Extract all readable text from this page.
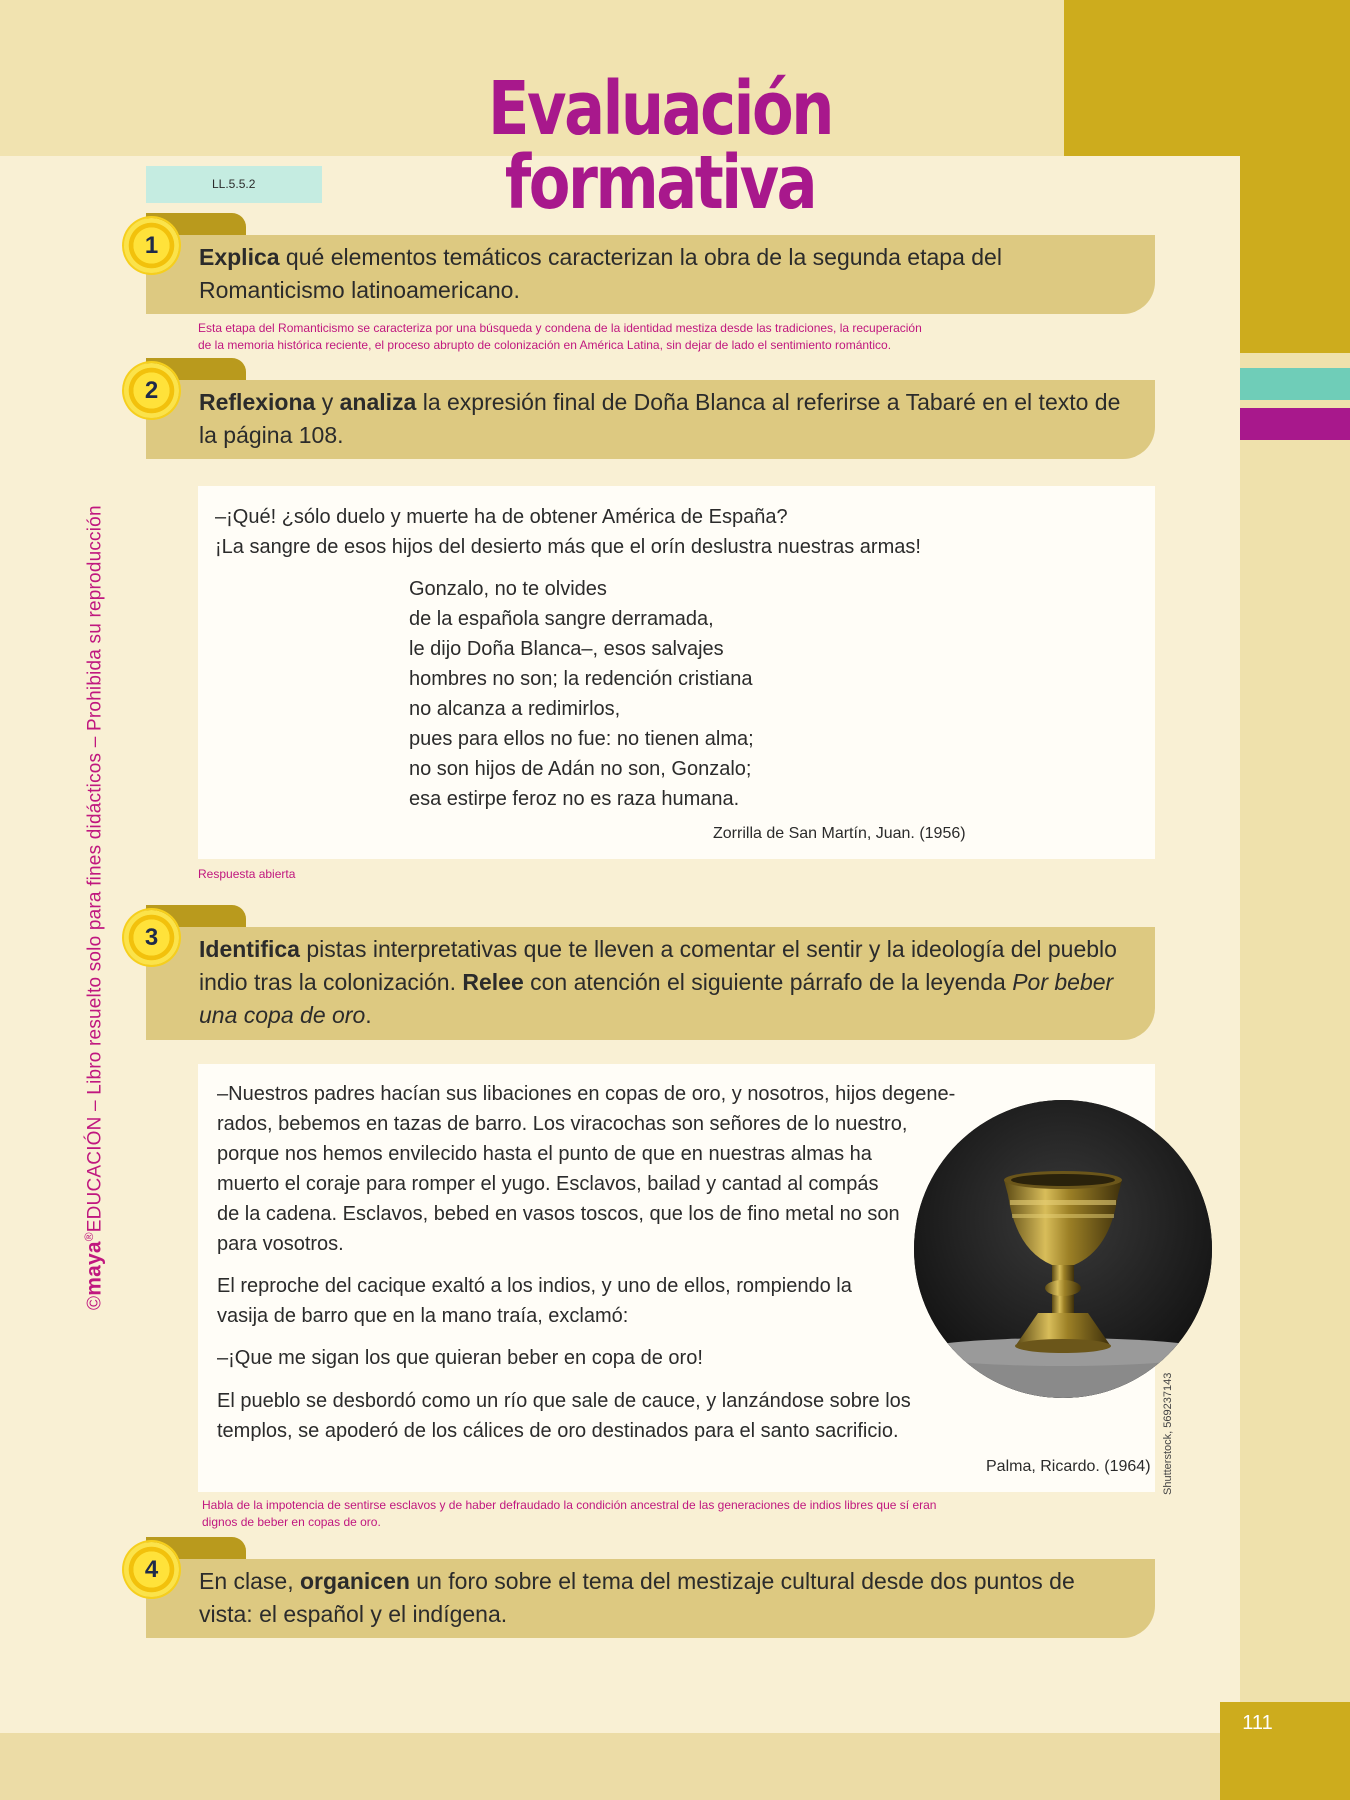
111
Evaluación formativa
LL.5.5.2
©maya®EDUCACIÓN – Libro resuelto solo para fines didácticos – Prohibida su reproducción
Explica qué elementos temáticos caracterizan la obra de la segunda etapa del Romanticismo latinoamericano.
1
Esta etapa del Romanticismo se caracteriza por una búsqueda y condena de la identidad mestiza desde las tradiciones, la recuperación
de la memoria histórica reciente, el proceso abrupto de colonización en América Latina, sin dejar de lado el sentimiento romántico.
Reflexiona y analiza la expresión final de Doña Blanca al referirse a Tabaré en el texto de la página 108.
2
–¡Qué! ¿sólo duelo y muerte ha de obtener América de España?
¡La sangre de esos hijos del desierto más que el orín deslustra nuestras armas!
Gonzalo, no te olvides
de la española sangre derramada,
le dijo Doña Blanca–, esos salvajes
hombres no son; la redención cristiana
no alcanza a redimirlos,
pues para ellos no fue: no tienen alma;
no son hijos de Adán no son, Gonzalo;
esa estirpe feroz no es raza humana.
Zorrilla de San Martín, Juan. (1956)
Respuesta abierta
Identifica pistas interpretativas que te lleven a comentar el sentir y la ideología del pueblo indio tras la colonización. Relee con atención el siguiente párrafo de la leyenda Por beber una copa de oro.
3
–Nuestros padres hacían sus libaciones en copas de oro, y nosotros, hijos degene-
rados, bebemos en tazas de barro. Los viracochas son señores de lo nuestro,
porque nos hemos envilecido hasta el punto de que en nuestras almas ha
muerto el coraje para romper el yugo. Esclavos, bailad y cantad al compás
de la cadena. Esclavos, bebed en vasos toscos, que los de fino metal no son
para vosotros.
El reproche del cacique exaltó a los indios, y uno de ellos, rompiendo la
vasija de barro que en la mano traía, exclamó:
–¡Que me sigan los que quieran beber en copa de oro!
El pueblo se desbordó como un río que sale de cauce, y lanzándose sobre los
templos, se apoderó de los cálices de oro destinados para el santo sacrificio.
Palma, Ricardo. (1964) Shutterstock, 569237143
Habla de la impotencia de sentirse esclavos y de haber defraudado la condición ancestral de las generaciones de indios libres que sí eran
dignos de beber en copas de oro.
En clase, organicen un foro sobre el tema del mestizaje cultural desde dos puntos de vista: el español y el indígena.
4
